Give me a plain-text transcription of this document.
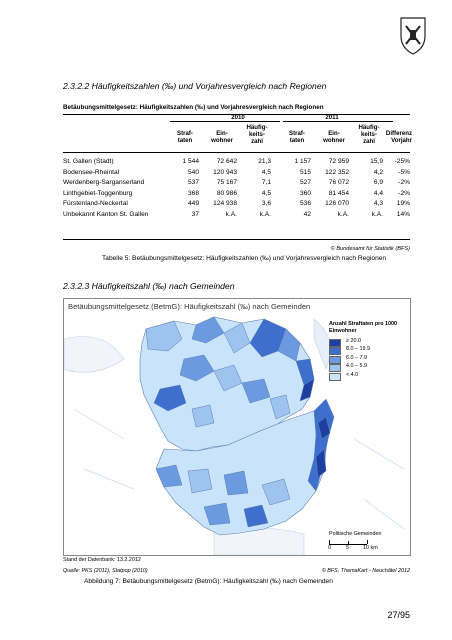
2.3.2.2 Häufigkeitszahlen (‰) und Vorjahresvergleich nach Regionen
Betäubungsmittelgesetz: Häufigkeitszahlen (‰) und Vorjahresvergleich nach Regionen
2010	2011
Straf-
taten
Ein-
wohner
Häufig-
keits-
zahl
Straf-
taten
Ein-
wohner
Häufig-
keits-
zahl
Differenz
Vorjahr
St. Gallen (Stadt)	1 544	72 642	21,3	1 157	72 959	15,9	-25%
Bodensee-Rheintal	540	120 943	4,5	515	122 352	4,2	-5%
Werdenberg-Sarganserland	537	75 167	7,1	527	76 072	6,9	-2%
Linthgebiet-Toggenburg	368	80 986	4,5	360	81 454	4,4	-2%
Fürstenland-Neckertal	449	124 938	3,6	536	126 070	4,3	19%
Unbekannt Kanton St. Gallen	37	k.A.	k.A.	42	k.A.	k.A.	14%
© Bundesamt für Statistik (BFS)
Tabelle 5: Betäubungsmittelgesetz: Häufigkeitszahlen (‰) und Vorjahresvergleich nach Regionen
2.3.2.3 Häufigkeitszahl (‰) nach Gemeinden
Betäubungsmittelgesetz (BetmG): Häufigkeitszahl (‰) nach Gemeinden
Anzahl Straftaten pro 1000 Einwohner
≥ 20.0
8.0 – 19.9
6.0 – 7.9
4.0 – 5.9
< 4.0
Politische Gemeinden
0	5	10 km
Stand der Datenbank: 13.2.2012
Quelle: PKS (2011), Statpop (2010)	© BFS, ThemaKart - Neuchâtel 2012
Abbildung 7: Betäubungsmittelgesetz (BetmG): Häufigkeitszahl (‰) nach Gemeinden
27/95
